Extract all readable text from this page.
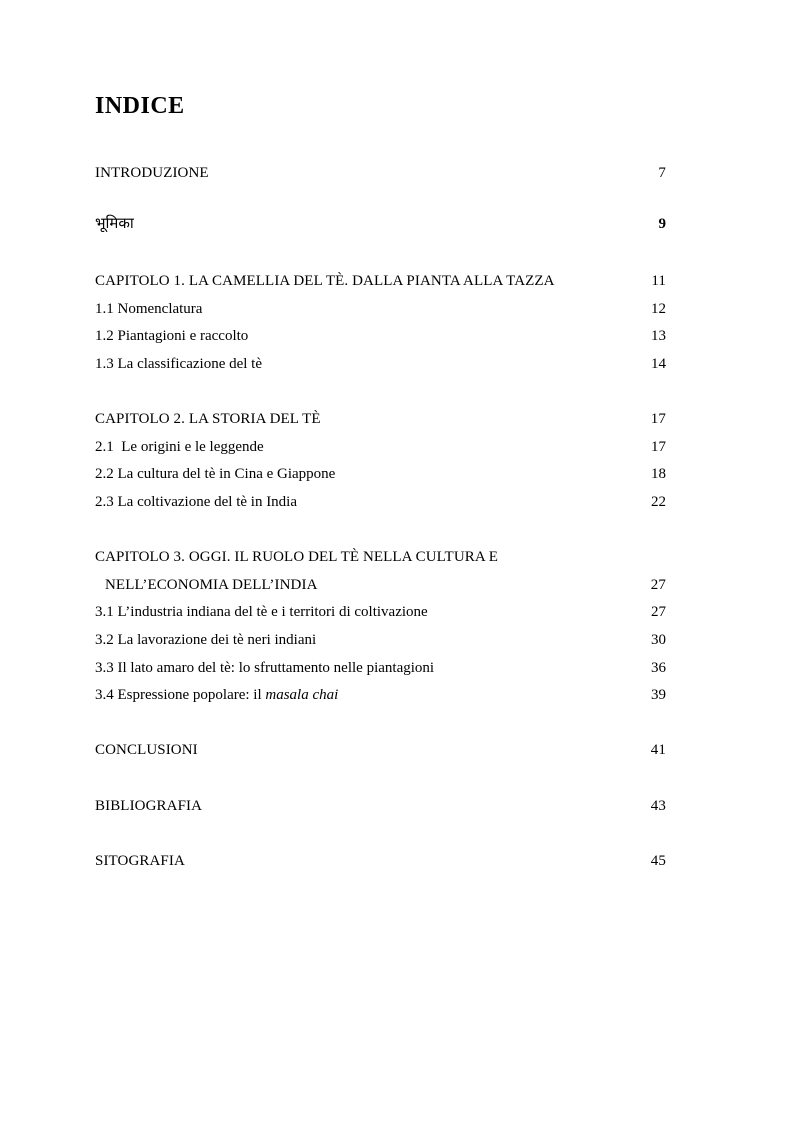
INDICE
INTRODUZIONE	7
भूमिका	9
CAPITOLO 1. LA CAMELLIA DEL TÈ. DALLA PIANTA ALLA TAZZA	11
1.1 Nomenclatura	12
1.2 Piantagioni e raccolto	13
1.3 La classificazione del tè	14
CAPITOLO 2. LA STORIA DEL TÈ	17
2.1  Le origini e le leggende	17
2.2 La cultura del tè in Cina e Giappone	18
2.3 La coltivazione del tè in India	22
CAPITOLO 3. OGGI. IL RUOLO DEL TÈ NELLA CULTURA E
NELL’ECONOMIA DELL’INDIA	27
3.1 L’industria indiana del tè e i territori di coltivazione	27
3.2 La lavorazione dei tè neri indiani	30
3.3 Il lato amaro del tè: lo sfruttamento nelle piantagioni	36
3.4 Espressione popolare: il masala chai	39
CONCLUSIONI	41
BIBLIOGRAFIA	43
SITOGRAFIA	45
